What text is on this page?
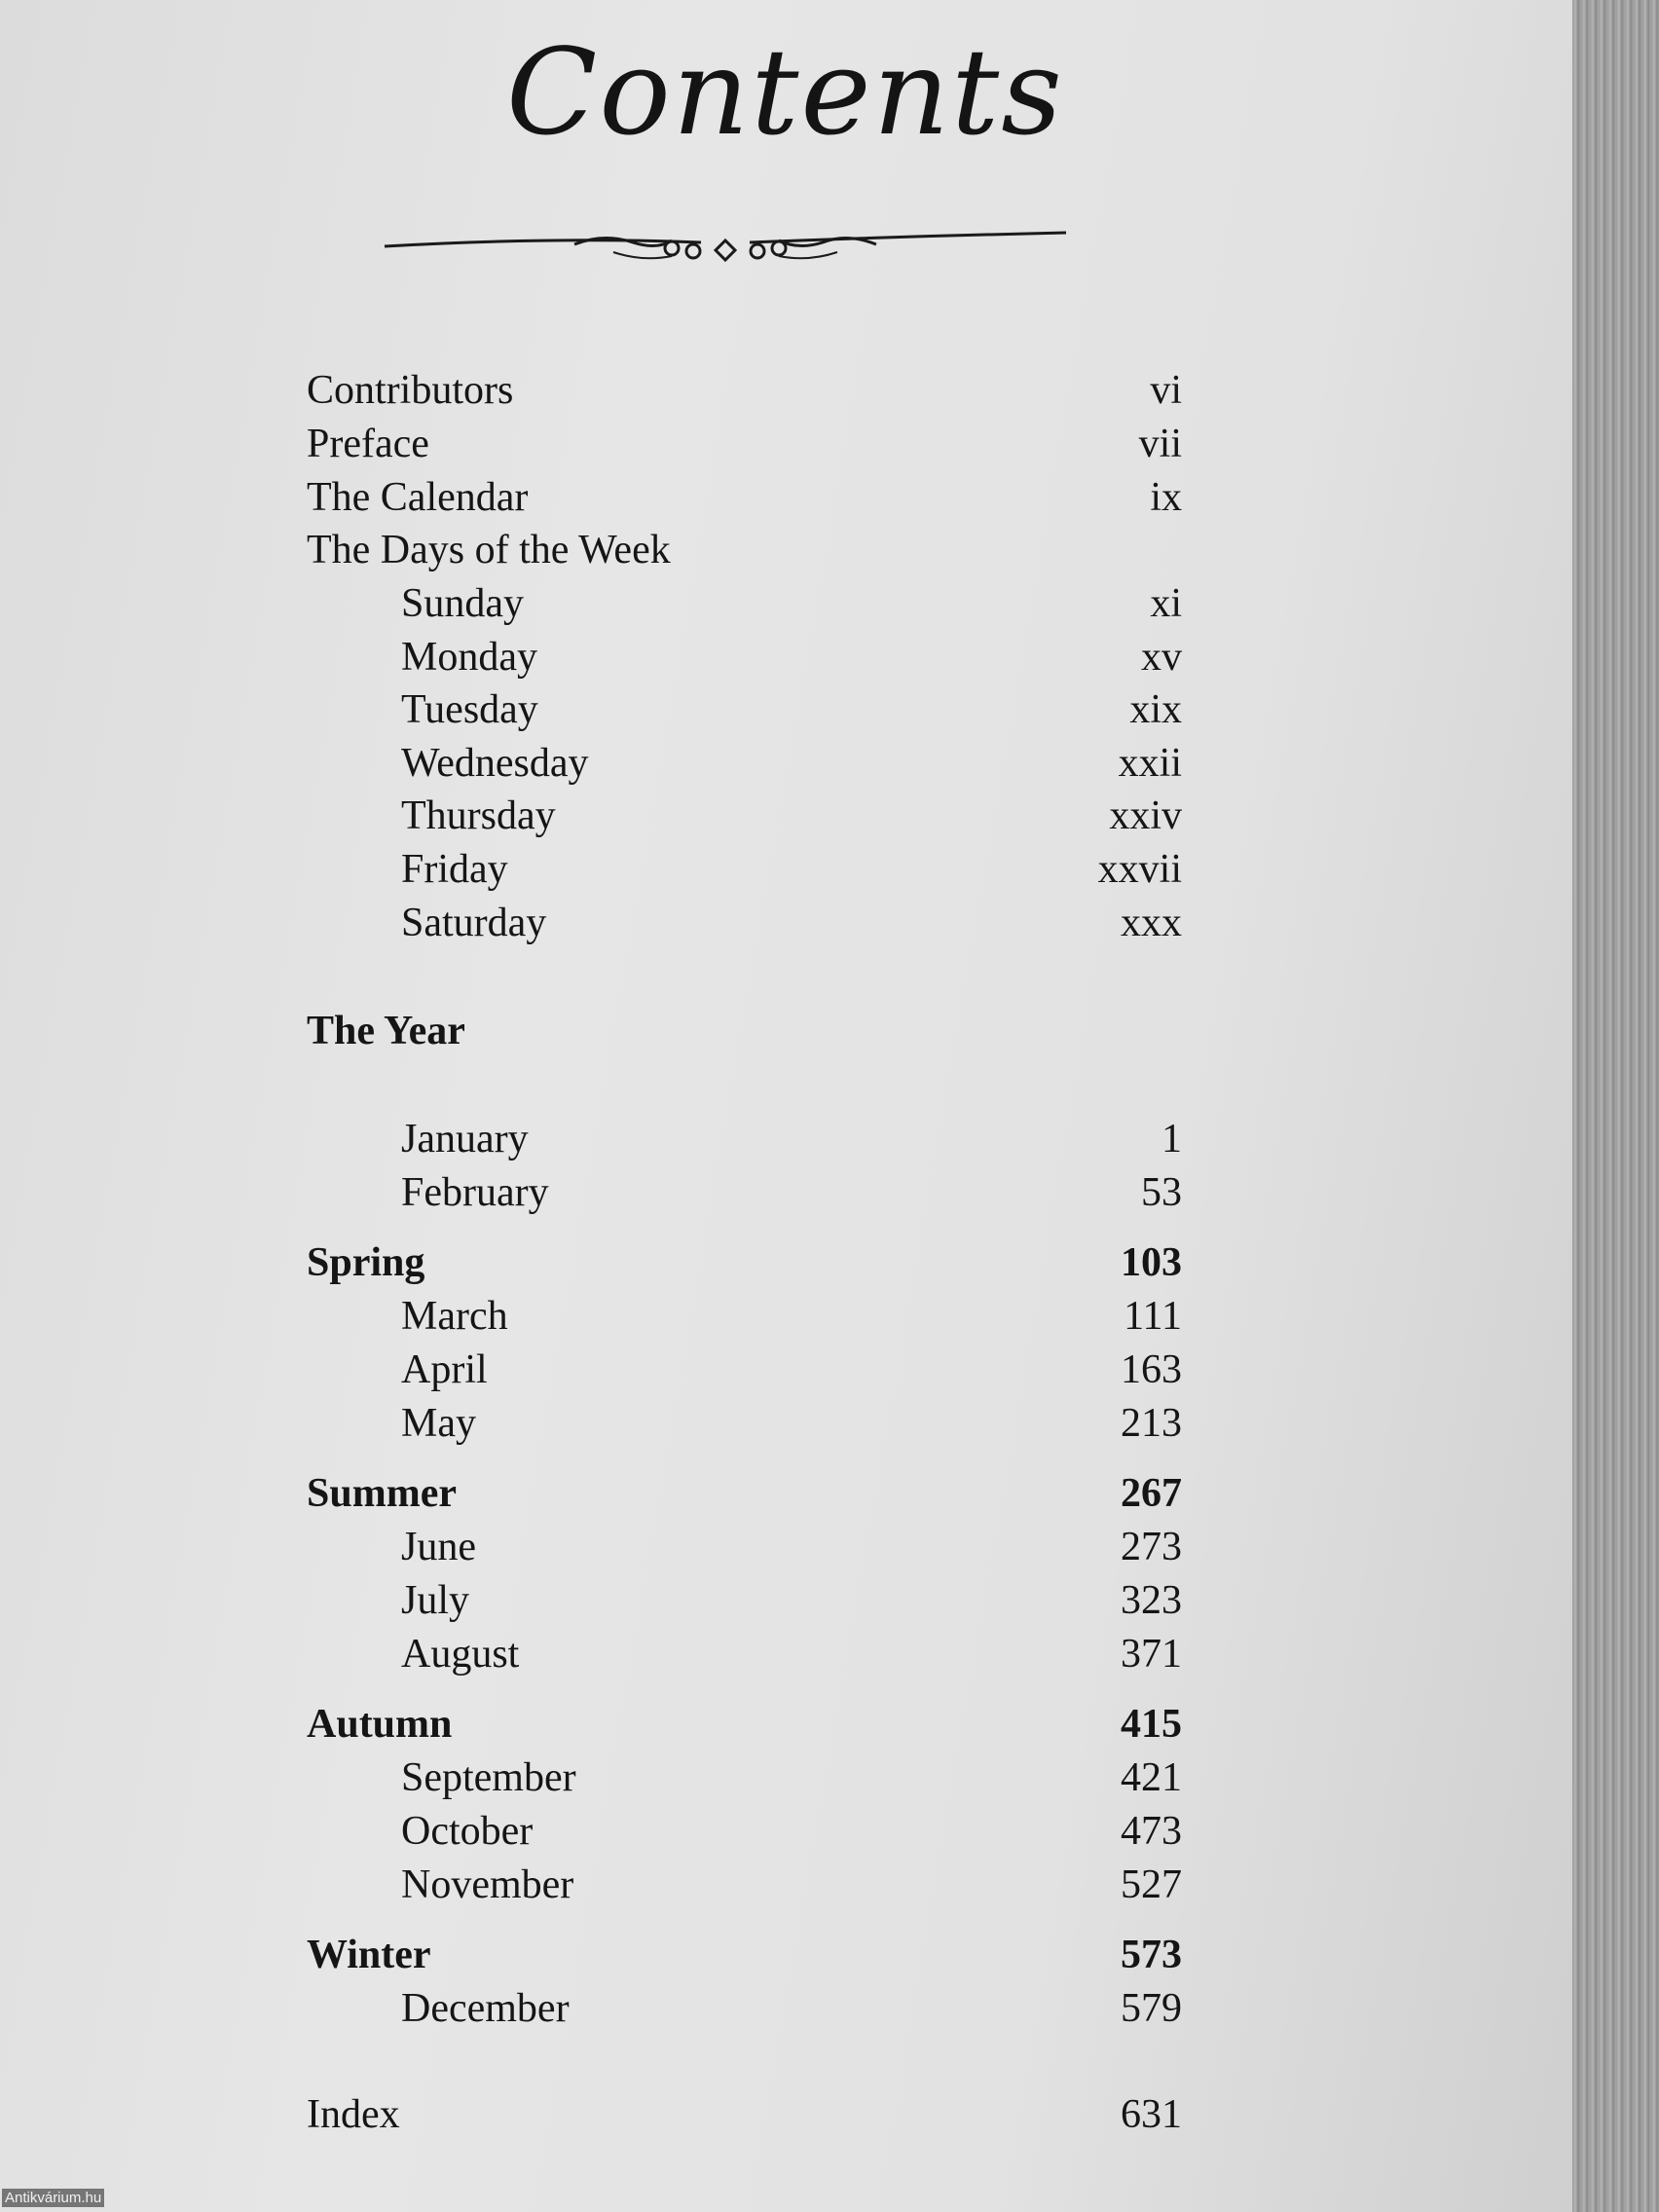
Contents
Contributors	vi
Preface	vii
The Calendar	ix
The Days of the Week
Sunday	xi
Monday	xv
Tuesday	xix
Wednesday	xxii
Thursday	xxiv
Friday	xxvii
Saturday	xxx
The Year
January	1
February	53
Spring	103
March	111
April	163
May	213
Summer	267
June	273
July	323
August	371
Autumn	415
September	421
October	473
November	527
Winter	573
December	579
Index	631
Antikvárium.hu
